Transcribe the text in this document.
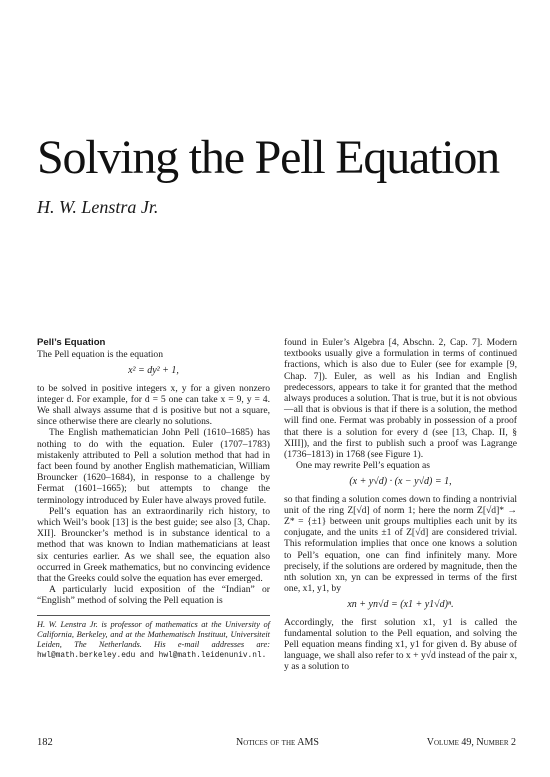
Solving the Pell Equation
H. W. Lenstra Jr.
Pell’s Equation

The Pell equation is the equation

x² = dy² + 1,

to be solved in positive integers x, y for a given nonzero integer d. For example, for d = 5 one can take x = 9, y = 4. We shall always assume that d is positive but not a square, since otherwise there are clearly no solutions.

The English mathematician John Pell (1610–1685) has nothing to do with the equation. Euler (1707–1783) mistakenly attributed to Pell a solution method that had in fact been found by another English mathematician, William Brouncker (1620–1684), in response to a challenge by Fermat (1601–1665); but attempts to change the terminology introduced by Euler have always proved futile.

Pell’s equation has an extraordinarily rich history, to which Weil’s book [13] is the best guide; see also [3, Chap. XII]. Brouncker’s method is in substance identical to a method that was known to Indian mathematicians at least six centuries earlier. As we shall see, the equation also occurred in Greek mathematics, but no convincing evidence that the Greeks could solve the equation has ever emerged.

A particularly lucid exposition of the “Indian” or “English” method of solving the Pell equation is

H. W. Lenstra Jr. is professor of mathematics at the University of California, Berkeley, and at the Mathematisch Instituut, Universiteit Leiden, The Netherlands. His e-mail addresses are: hwl@math.berkeley.edu and hwl@math.leidenuniv.nl.

found in Euler’s Algebra [4, Abschn. 2, Cap. 7]. Modern textbooks usually give a formulation in terms of continued fractions, which is also due to Euler (see for example [9, Chap. 7]). Euler, as well as his Indian and English predecessors, appears to take it for granted that the method always produces a solution. That is true, but it is not obvious—all that is obvious is that if there is a solution, the method will find one. Fermat was probably in possession of a proof that there is a solution for every d (see [13, Chap. II, § XIII]), and the first to publish such a proof was Lagrange (1736–1813) in 1768 (see Figure 1).

One may rewrite Pell’s equation as

(x + y√d) · (x − y√d) = 1,

so that finding a solution comes down to finding a nontrivial unit of the ring Z[√d] of norm 1; here the norm Z[√d]* → Z* = {±1} between unit groups multiplies each unit by its conjugate, and the units ±1 of Z[√d] are considered trivial. This reformulation implies that once one knows a solution to Pell’s equation, one can find infinitely many. More precisely, if the solutions are ordered by magnitude, then the nth solution xn, yn can be expressed in terms of the first one, x1, y1, by

xn + yn√d = (x1 + y1√d)ⁿ.

Accordingly, the first solution x1, y1 is called the fundamental solution to the Pell equation, and solving the Pell equation means finding x1, y1 for given d. By abuse of language, we shall also refer to x + y√d instead of the pair x, y as a solution to

182	Notices of the AMS	Volume 49, Number 2
